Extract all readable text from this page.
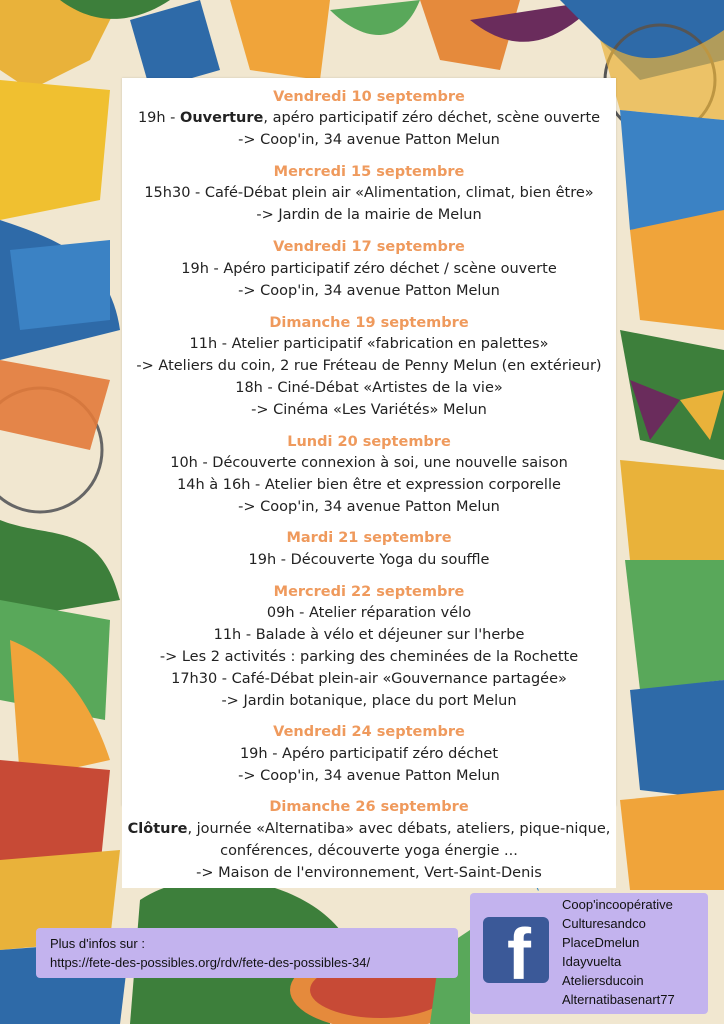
Vendredi 10 septembre
19h - Ouverture, apéro participatif zéro déchet, scène ouverte
-> Coop'in, 34 avenue Patton Melun
Mercredi 15 septembre
15h30 - Café-Débat plein air «Alimentation, climat, bien être»
-> Jardin de la mairie de Melun
Vendredi 17 septembre
19h - Apéro participatif zéro déchet / scène ouverte
-> Coop'in, 34 avenue Patton Melun
Dimanche 19 septembre
11h - Atelier participatif «fabrication en palettes»
-> Ateliers du coin, 2 rue Fréteau de Penny Melun (en extérieur)
18h - Ciné-Débat «Artistes de la vie»
-> Cinéma «Les Variétés» Melun
Lundi 20 septembre
10h - Découverte connexion à soi, une nouvelle saison
14h à 16h - Atelier bien être et expression corporelle
-> Coop'in, 34 avenue Patton Melun
Mardi 21 septembre
19h - Découverte Yoga du souffle
Mercredi 22 septembre
09h - Atelier réparation vélo
11h - Balade à vélo et déjeuner sur l'herbe
-> Les 2 activités : parking des cheminées de la Rochette
17h30 - Café-Débat plein-air «Gouvernance partagée»
-> Jardin botanique, place du port Melun
Vendredi 24 septembre
19h - Apéro participatif zéro déchet
-> Coop'in, 34 avenue Patton Melun
Dimanche 26 septembre
Clôture, journée «Alternatiba» avec débats, ateliers, pique-nique,
conférences, découverte yoga énergie ...
-> Maison de l'environnement, Vert-Saint-Denis
Plus d'infos sur :
https://fete-des-possibles.org/rdv/fete-des-possibles-34/ f
Coop'incoopérative
Culturesandco
PlaceDmelun
Idayvuelta
Ateliersducoin
Alternatibasenart77
